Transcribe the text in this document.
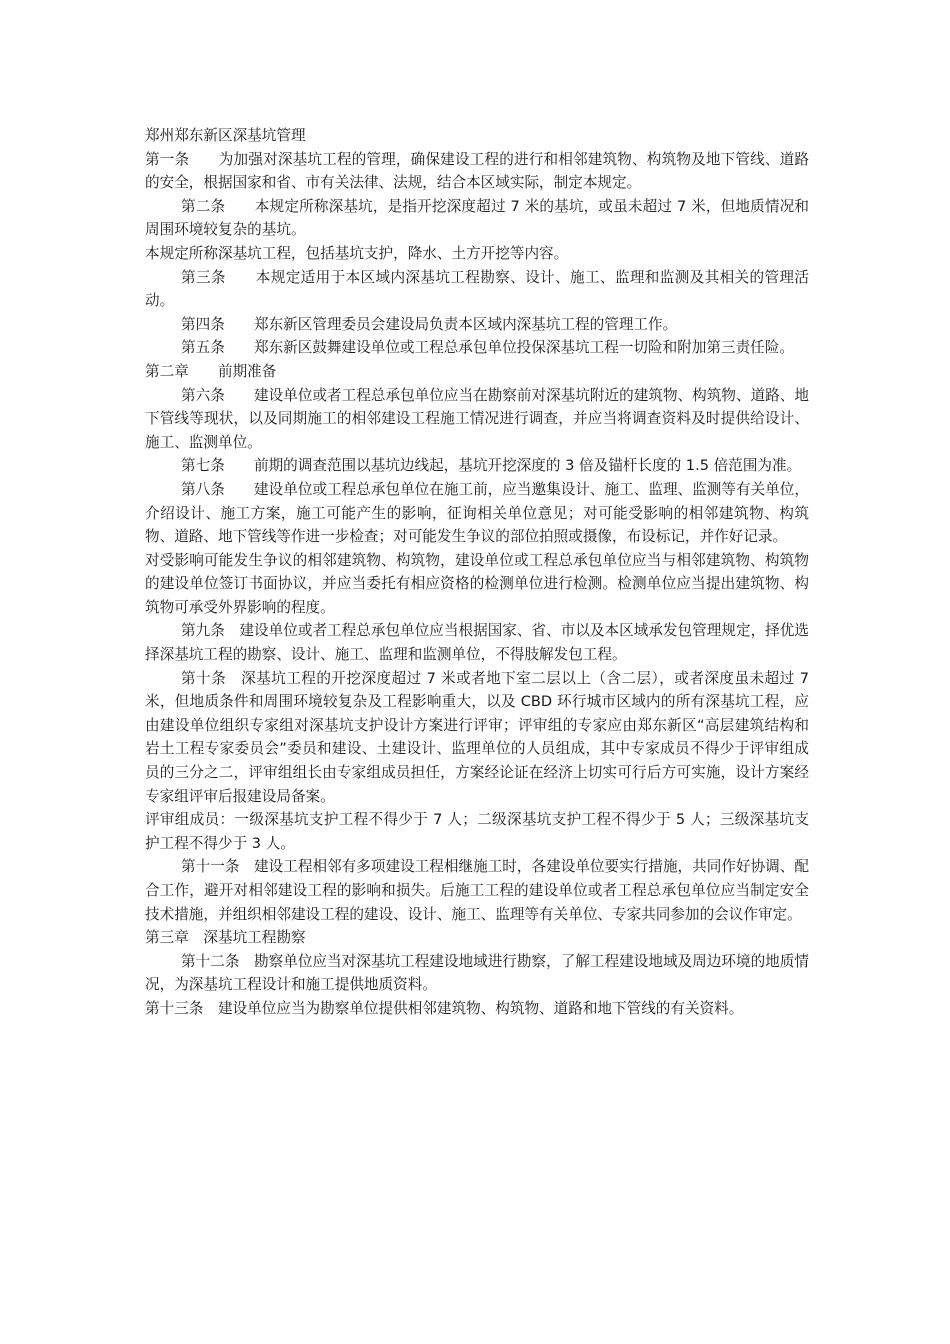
郑州郑东新区深基坑管理

第一条　　为加强对深基坑工程的管理，确保建设工程的进行和相邻建筑物、构筑物及地下管线、道路的安全，根据国家和省、市有关法律、法规，结合本区域实际，制定本规定。

第二条　　本规定所称深基坑，是指开挖深度超过 7 米的基坑，或虽未超过 7 米，但地质情况和周围环境较复杂的基坑。

本规定所称深基坑工程，包括基坑支护，降水、土方开挖等内容。

第三条　　本规定适用于本区域内深基坑工程勘察、设计、施工、监理和监测及其相关的管理活动。

第四条　　郑东新区管理委员会建设局负责本区域内深基坑工程的管理工作。

第五条　　郑东新区鼓舞建设单位或工程总承包单位投保深基坑工程一切险和附加第三责任险。

第二章　　前期准备

第六条　　建设单位或者工程总承包单位应当在勘察前对深基坑附近的建筑物、构筑物、道路、地下管线等现状，以及同期施工的相邻建设工程施工情况进行调查，并应当将调查资料及时提供给设计、施工、监测单位。

第七条　　前期的调查范围以基坑边线起，基坑开挖深度的 3 倍及锚杆长度的 1.5 倍范围为准。

第八条　　建设单位或工程总承包单位在施工前，应当邀集设计、施工、监理、监测等有关单位，介绍设计、施工方案，施工可能产生的影响，征询相关单位意见；对可能受影响的相邻建筑物、构筑物、道路、地下管线等作进一步检查；对可能发生争议的部位拍照或摄像，布设标记，并作好记录。

对受影响可能发生争议的相邻建筑物、构筑物，建设单位或工程总承包单位应当与相邻建筑物、构筑物的建设单位签订书面协议，并应当委托有相应资格的检测单位进行检测。检测单位应当提出建筑物、构筑物可承受外界影响的程度。

第九条　建设单位或者工程总承包单位应当根据国家、省、市以及本区域承发包管理规定，择优选择深基坑工程的勘察、设计、施工、监理和监测单位，不得肢解发包工程。

第十条　深基坑工程的开挖深度超过 7 米或者地下室二层以上（含二层），或者深度虽未超过 7 米，但地质条件和周围环境较复杂及工程影响重大，以及 CBD 环行城市区域内的所有深基坑工程，应由建设单位组织专家组对深基坑支护设计方案进行评审；评审组的专家应由郑东新区“高层建筑结构和岩土工程专家委员会”委员和建设、土建设计、监理单位的人员组成，其中专家成员不得少于评审组成员的三分之二，评审组组长由专家组成员担任，方案经论证在经济上切实可行后方可实施，设计方案经专家组评审后报建设局备案。

评审组成员：一级深基坑支护工程不得少于 7 人；二级深基坑支护工程不得少于 5 人；三级深基坑支护工程不得少于 3 人。

第十一条　建设工程相邻有多项建设工程相继施工时，各建设单位要实行措施，共同作好协调、配合工作，避开对相邻建设工程的影响和损失。后施工工程的建设单位或者工程总承包单位应当制定安全技术措施，并组织相邻建设工程的建设、设计、施工、监理等有关单位、专家共同参加的会议作审定。

第三章　深基坑工程勘察

第十二条　勘察单位应当对深基坑工程建设地域进行勘察，了解工程建设地域及周边环境的地质情况，为深基坑工程设计和施工提供地质资料。

第十三条　建设单位应当为勘察单位提供相邻建筑物、构筑物、道路和地下管线的有关资料。
